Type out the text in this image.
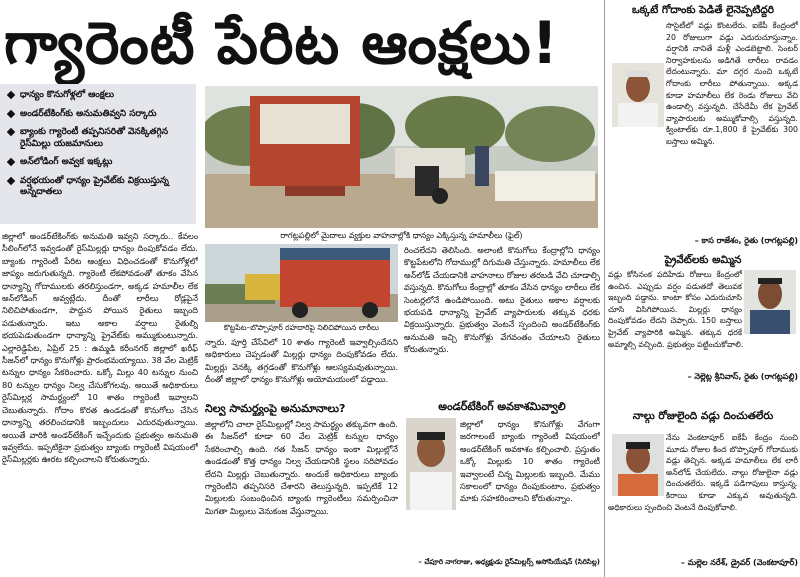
గ్యారెంటీ పేరిట ఆంక్షలు!
ధాన్యం కొనుగోళ్లలో ఆంక్షలు
అండర్‌టేకింగ్‌కు అనుమతివ్వని సర్కారు
బ్యాంకు గ్యారెంటీ తప్పనిసరితో వెనక్కితగ్గిన రైస్‌మిల్లు యజమానులు
అన్‌లోడింగ్‌ అవ్వక ఇక్కట్లు
వర్షభయంతో ధాన్యం ప్రైవేట్‌కు విక్రయిస్తున్న అన్నదాతలు
రాగట్లపల్లిలో మైదాలు వ్యక్తుల వాహనాల్లోకి ధాన్యం ఎక్కిస్తున్న హమాలీలు (ఫైల్‌)
జిల్లాలో అండర్‌టేకింగ్‌కు అనుమతి ఇవ్వని సర్కారు.. కేవలం సీలింగ్‌లోనే ఇవ్వడంతో రైస్‌మిల్లర్లు ధాన్యం దింపుకోవడం లేదు. బ్యాంకు గ్యారెంటీ పేరిట ఆంక్షలు విధించడంతో కొనుగోళ్లలో జాప్యం జరుగుతున్నది. గ్యారెంటీ లేకపోవడంతో తూకం వేసిన ధాన్యాన్ని గోదాములకు తరలిస్తుండగా, అక్కడ హమాలీల లేక అన్‌లోడింగ్ అవ్వట్లేదు. దీంతో లారీలు రోడ్లపైనే నిలిచిపోతుండగా, పొద్దున పోయిన రైతులు ఇబ్బంది పడుతున్నారు. ఇటు అకాల వర్షాలు రైతుల్ని భయపెడుతుండగా ధాన్యాన్ని ప్రైవేట్‌కు అమ్ముకుంటున్నారు. ఎల్లారెడ్డిపేట, ఏప్రిల్ 25 : ఉమ్మడి కరీంనగర్‌ జిల్లాలో ఖరీఫ్‌ సీజన్‌లో ధాన్యం కొనుగోళ్లు ప్రారంభమయ్యాయి. 38 వేల మెట్రిక్ టన్నుల ధాన్యం సేకరించారు. ఒక్కో మిల్లు 40 టన్నుల నుంచి 80 టన్నుల ధాన్యం నిల్వ చేసుకోగలవు. అయితే అధికారులు రైస్‌మిల్లర్ల సామర్థ్యంలో 10 శాతం గ్యారెంటీ ఇవ్వాలని చెబుతున్నారు. గోదాం కొరత ఉండడంతో కొనుగోలు చేసిన ధాన్యాన్ని తరలించడానికి ఇబ్బందులు ఎదురవుతున్నాయి. అయితే వారికి అండర్‌టేకింగ్‌ ఇచ్చేందుకు ప్రభుత్వం అనుమతి ఇవ్వలేదు. ఇప్పటికైనా ప్రభుత్వం బ్యాంకు గ్యారెంటీ విషయంలో రైస్‌మిల్లర్లకు ఊరట కల్పించాలని కోరుతున్నారు.
కొట్టపేట–బొప్పాపూర్‌ రహదారిపై నిలిచిపోయిన లారీలు
న్నారు. పూర్తి చేసేవిలో 10 శాతం గ్యారెంటీ ఇవ్వాల్సిందేనని అధికారులు చెప్పడంతో మిల్లర్లు ధాన్యం దింపుకోవడం లేదు. మిల్లర్లు వెనక్కి తగ్గడంతో కొనుగోళ్లు ఆలస్యమవుతున్నాయి. దీంతో జిల్లాలో ధాన్యం కొనుగోళ్లు అయోమయంలో పడ్డాయి.
నిల్వ సామర్థ్యంపై అనుమానాలు?
జిల్లాలోని చాలా రైస్‌మిల్లుల్లో నిల్వ సామర్థ్యం తక్కువగా ఉంది. ఈ సీజన్‌లో కూడా 60 వేల మెట్రిక్‌ టన్నుల ధాన్యం సేకరించాల్సి ఉంది. గత సీజన్‌ ధాన్యం ఇంకా మిల్లుల్లోనే ఉండడంతో కొత్త ధాన్యం నిల్వ చేయడానికి స్థలం సరిపోవడం లేదని మిల్లర్లు చెబుతున్నారు. అందుకే అధికారులు బ్యాంకు గ్యారెంటీని తప్పనిసరి చేశారని తెలుస్తున్నది. ఇప్పటికే 12 మిల్లులకు సంబంధించిన బ్యాంకు గ్యారెంటీలు సమర్పించినా మిగతా మిల్లులు వెనుకంజ వేస్తున్నాయి.
రించలేదని తెలిసింది. అలాంటి కొనుగోలు కేంద్రాల్లోని ధాన్యం కొట్టపేటలోని గోదాముల్లో దిగుమతి చేస్తున్నారు. హమాలీలు లేక అన్‌లోడ్‌ చేయడానికి వాహనాలు రోజుల తరబడి వేచి చూడాల్సి వస్తున్నది. కొనుగోలు కేంద్రాల్లో తూకం వేసిన ధాన్యం లారీలు లేక సెంటర్లలోనే ఉండిపోయింది. అటు రైతులు అకాల వర్షాలకు భయపడి ధాన్యాన్ని ప్రైవేట్‌ వ్యాపారులకు తక్కువ ధరకు విక్రయిస్తున్నారు. ప్రభుత్వం వెంటనే స్పందించి అండర్‌టేకింగ్‌కు అనుమతి ఇచ్చి కొనుగోళ్లు వేగవంతం చేయాలని రైతులు కోరుతున్నారు.
అండర్‌టేకింగ్‌ అవకాశమివ్వాలి
జిల్లాలో ధాన్యం కొనుగోళ్లు వేగంగా జరగాలంటే బ్యాంకు గ్యారెంటీ విషయంలో అండర్‌టేకింగ్‌ అవకాశం కల్పించాలి. ప్రస్తుతం ఒక్కో మిల్లుకు 10 శాతం గ్యారెంటీ ఇవ్వాలంటే చిన్న మిల్లులకు ఇబ్బంది. మేము సకాలంలో ధాన్యం దింపుకుంటాం. ప్రభుత్వం మాకు సహకరించాలని కోరుతున్నాం.
– చేపూరి నాగరాజు, అధ్యక్షుడు రైస్‌మిల్లర్స్ అసోసియేషన్ (సిరిసిల్ల)
ఒక్కటే గోదాంకు పెడితే లైనెప్పటిద్దరి
సొసైటీలో వడ్లు కొంటలేరు. ఐకేపీ కేంద్రంలో 20 రోజులుగా వడ్లు ఎదురుచూస్తున్నాం. వర్షానికి నానితే మళ్లీ ఎండబెట్టాలి. సెంటర్ నిర్వాహకులను అడిగితే లారీలు రావడం లేదంటున్నారు. మా దగ్గర నుంచి ఒక్కటే గోదాంకు లారీలు పోతున్నాయి. అక్కడ కూడా హమాలీలు లేక రెండు రోజులు వేచి ఉండాల్సి వస్తున్నది. చేసేదేమీ లేక ప్రైవేట్‌ వ్యాపారులకు అమ్ముకోవాల్సి వస్తున్నది. క్వింటాల్‌కు రూ.1,800 కే ప్రైవేట్‌కు 300 బస్తాలు అమ్మిన.
– కాస రాజేశం, రైతు (రాగట్లపల్లి)
ప్రైవేట్‌లకు అమ్మిన
వడ్లు కోసినంక పదిహేడు రోజులు కేంద్రంలో ఉంచిన. ఎప్పుడు వర్షం పడుతదో తెలువక ఇబ్బంది పడ్డాను. కాంటా కోసం ఎదురుచూసి చూసి విసిగిపోయిన. మిల్లర్లు ధాన్యం దింపుకోవడం లేదని చెప్పారు. 150 బస్తాలు ప్రైవేట్‌ వ్యాపారికి అమ్మిన. తక్కువ ధరకే అమ్మాల్సి వచ్చింది. ప్రభుత్వం పట్టించుకోవాలి.
– నెల్లెట్ల శ్రీనివాస్, రైతు (రాగట్లపల్లి)
నాల్గు రోజులైంది వడ్లు దించుతలేరు
నేను వెంకటాపూర్‌ ఐకేపీ కేంద్రం నుంచి మూడు రోజుల కింద బొప్పాపూర్‌ గోదాముకు వడ్లు తెచ్చిన. అక్కడ హమాలీలు లేక లారీ అన్‌లోడ్‌ చేయలేదు. నాల్గు రోజులైనా వడ్లు దించుతలేరు. ఇక్కడే పడిగాపులు కాస్తున్న. కిరాయి కూడా ఎక్కువ అవుతున్నది. అధికారులు స్పందించి వెంటనే దింపుకోవాలి.
– మల్లెల నరేశ్, డ్రైవర్ (వెంకటాపూర్)
